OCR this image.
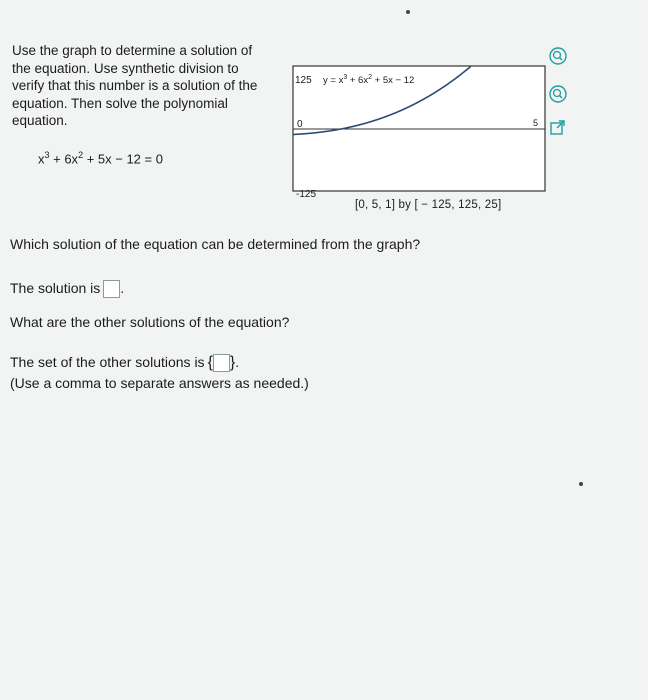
Use the graph to determine a solution of
the equation. Use synthetic division to
verify that this number is a solution of the
equation. Then solve the polynomial
equation.
$x^3 + 6x^2 + 5x - 12 = 0$
125
0	5
-125
$y = x^3 + 6x^2 + 5x - 12$
[0, 5, 1] by [ − 125, 125, 25]
Which solution of the equation can be determined from the graph?
The solution is .
What are the other solutions of the equation?
The set of the other solutions is { }.
(Use a comma to separate answers as needed.)
